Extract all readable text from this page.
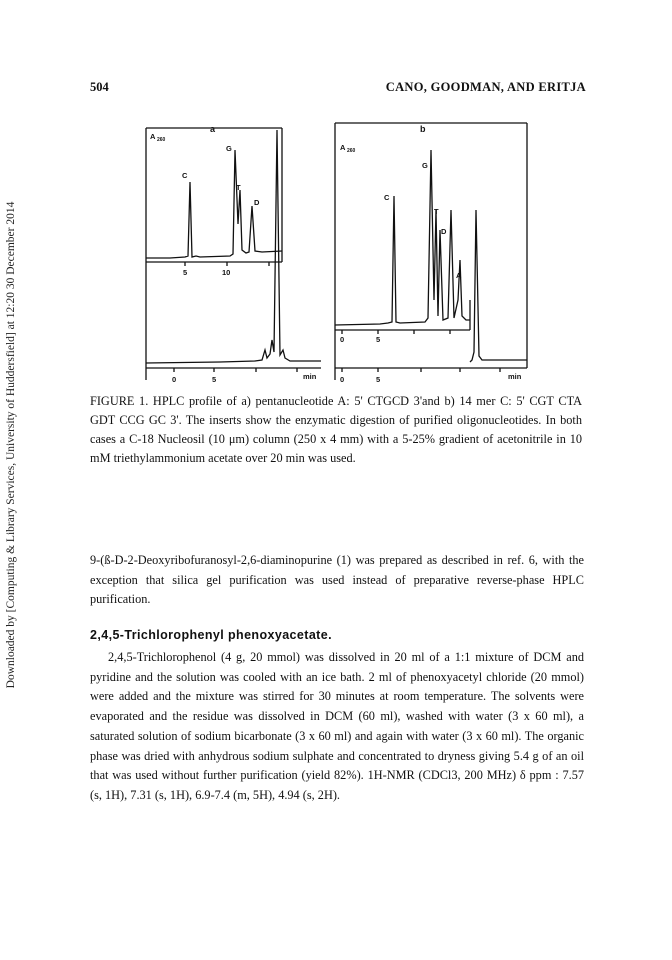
Downloaded by [Computing & Library Services, University of Huddersfield] at 12:20 30 December 2014
504	CANO, GOODMAN, AND ERITJA
A 260
a
C
G
T
D
5	10
0	5	min
A 260
b
C
G
T
D
A
0	5
0	5	min
FIGURE 1. HPLC profile of a) pentanucleotide A: 5' CTGCD 3'and b) 14 mer C: 5' CGT CTA GDT CCG GC 3'. The inserts show the enzymatic digestion of purified oligonucleotides. In both cases a C-18 Nucleosil (10 μm) column (250 x 4 mm) with a 5-25% gradient of acetonitrile in 10 mM triethylammonium acetate over 20 min was used.
9-(ß-D-2-Deoxyribofuranosyl-2,6-diaminopurine (1) was prepared as described in ref. 6, with the exception that silica gel purification was used instead of preparative reverse-phase HPLC purification.
2,4,5-Trichlorophenyl phenoxyacetate.
2,4,5-Trichlorophenol (4 g, 20 mmol) was dissolved in 20 ml of a 1:1 mixture of DCM and pyridine and the solution was cooled with an ice bath. 2 ml of phenoxyacetyl chloride (20 mmol) were added and the mixture was stirred for 30 minutes at room temperature. The solvents were evaporated and the residue was dissolved in DCM (60 ml), washed with water (3 x 60 ml), a saturated solution of sodium bicarbonate (3 x 60 ml) and again with water (3 x 60 ml). The organic phase was dried with anhydrous sodium sulphate and concentrated to dryness giving 5.4 g of an oil that was used without further purification (yield 82%). 1H-NMR (CDCl3, 200 MHz) δ ppm : 7.57 (s, 1H), 7.31 (s, 1H), 6.9-7.4 (m, 5H), 4.94 (s, 2H).
